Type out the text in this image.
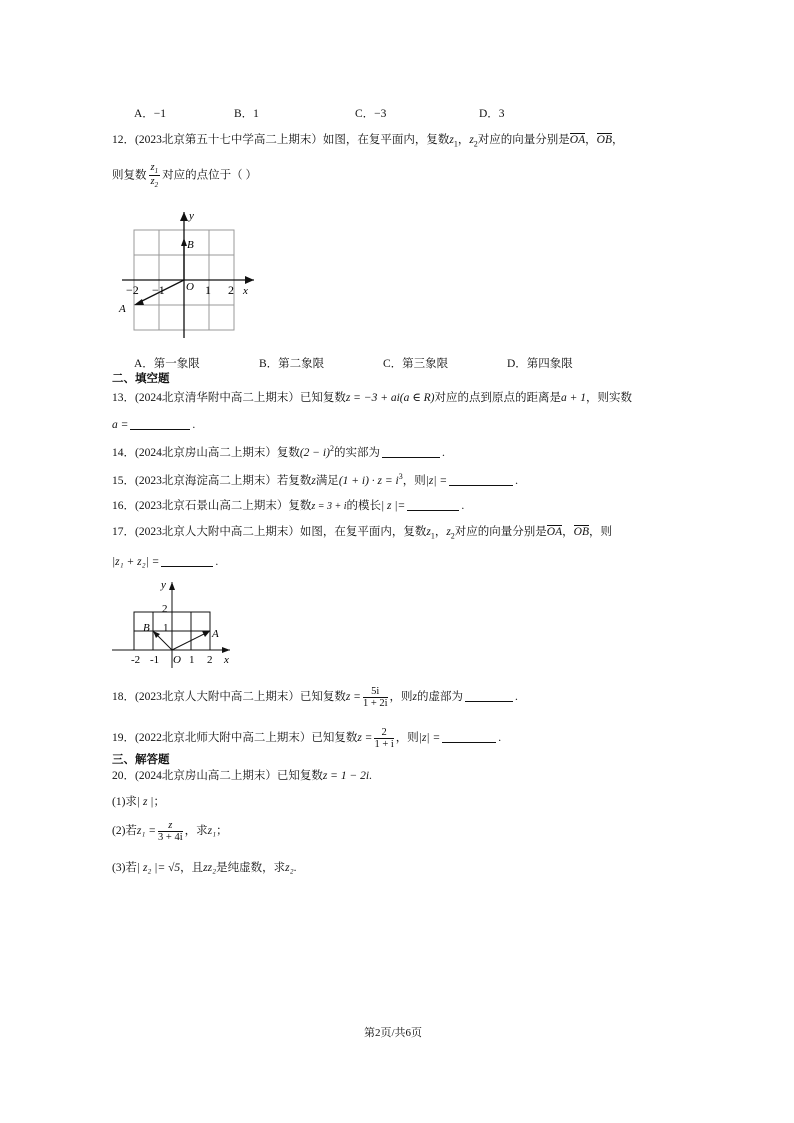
A．−1	B．1	C．−3	D．3
12．(2023北京第五十七中学高二上期末）如图，在复平面内，复数$z_1$，$z_2$对应的向量分别是OA，OB，
则复数 $\frac{z_1}{z_2}$ 对应的点位于（ ）
y
B
O
−2 −1	1 2 x
A
A．第一象限	B．第二象限	C．第三象限	D．第四象限
二、填空题
13．(2024北京清华附中高二上期末）已知复数z = −3 + ai(a ∈ R)对应的点到原点的距离是a + 1，则实数
a =	.
14．(2024北京房山高二上期末）复数$(2 - i)^2$的实部为	.
15．(2023北京海淀高二上期末）若复数z满足$(1 + i) \cdot z = i^3$，则|z| =	.
16．(2023北京石景山高二上期末）复数z = 3 + i的模长| z |=	.
17．(2023北京人大附中高二上期末）如图，在复平面内，复数$z_1$，$z_2$对应的向量分别是OA，OB，则
|z₁ + z₂| =	.
y
2
B 1	A
-2 -1 O 1 2 x
18．(2023北京人大附中高二上期末）已知复数$z = \frac{5i}{1 + 2i}$ ，则z的虚部为	.
19．(2022北京北师大附中高二上期末）已知复数$z = \frac{2}{1 + i}$ ，则|z| =	.
三、解答题
20．(2024北京房山高二上期末）已知复数z = 1 − 2i.
(1)求| z |；
(2)若$z_1 = \frac{z}{3 + 4i}$ ，求z₁；
(3)若| z₂ |= √5，且zz₂是纯虚数，求z₂.
第2页/共6页
